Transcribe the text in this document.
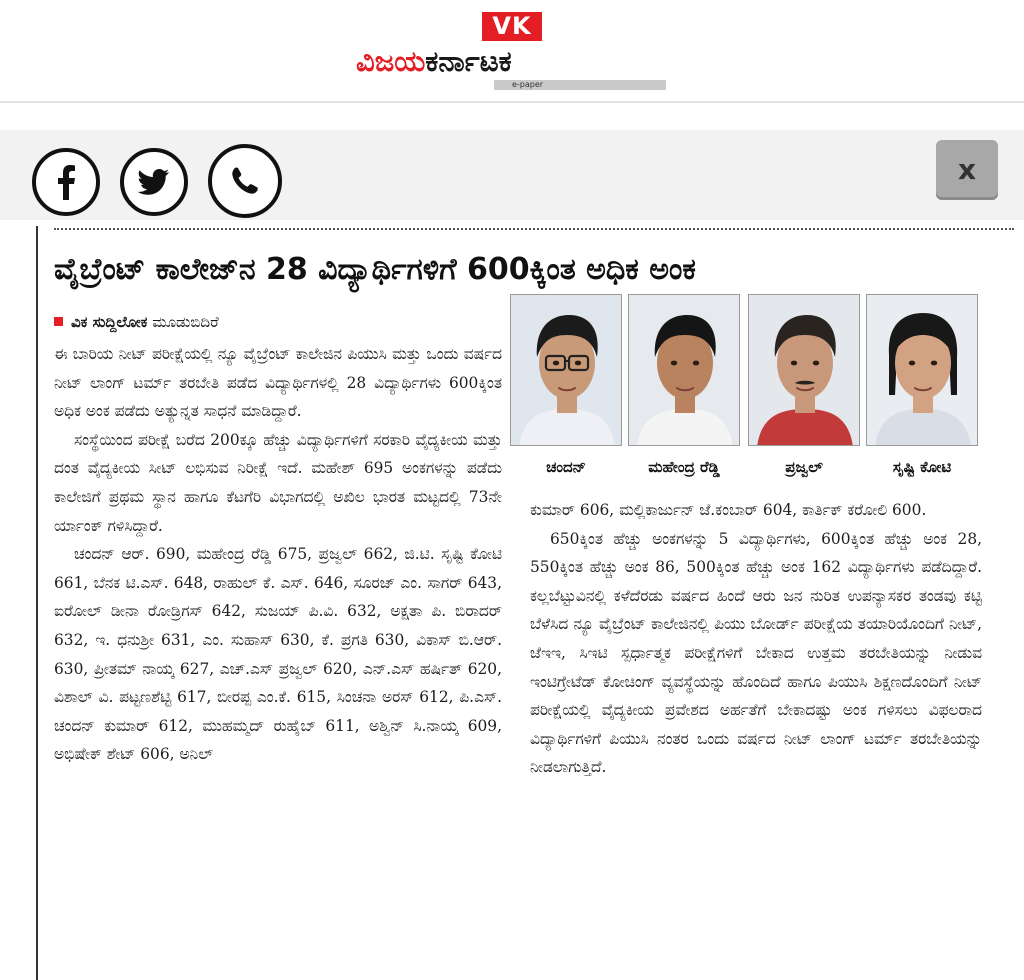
VK
ವಿಜಯಕರ್ನಾಟಕ
e-paper
x
ವೈಬ್ರೆಂಟ್ ಕಾಲೇಜ್‌ನ 28 ವಿದ್ಯಾರ್ಥಿಗಳಿಗೆ 600ಕ್ಕಿಂತ ಅಧಿಕ ಅಂಕ
ವಿಕ ಸುದ್ದಿಲೋಕ ಮೂಡುಬಿದಿರೆ

ಈ ಬಾರಿಯ ನೀಟ್ ಪರೀಕ್ಷೆಯಲ್ಲಿ ನ್ಯೂ ವೈಬ್ರೆಂಟ್ ಕಾಲೇಜಿನ ಪಿಯುಸಿ ಮತ್ತು ಒಂದು ವರ್ಷದ ನೀಟ್ ಲಾಂಗ್ ಟರ್ಮ್ ತರಬೇತಿ ಪಡೆದ ವಿದ್ಯಾರ್ಥಿಗಳಲ್ಲಿ 28 ವಿದ್ಯಾರ್ಥಿಗಳು 600ಕ್ಕಿಂತ ಅಧಿಕ ಅಂಕ ಪಡೆದು ಅತ್ಯುನ್ನತ ಸಾಧನೆ ಮಾಡಿದ್ದಾರೆ.

ಸಂಸ್ಥೆಯಿಂದ ಪರೀಕ್ಷೆ ಬರೆದ 200ಕ್ಕೂ ಹೆಚ್ಚು ವಿದ್ಯಾರ್ಥಿಗಳಿಗೆ ಸರಕಾರಿ ವೈದ್ಯಕೀಯ ಮತ್ತು ದಂತ ವೈದ್ಯಕೀಯ ಸೀಟ್ ಲಭಿಸುವ ನಿರೀಕ್ಷೆ ಇದೆ. ಮಹೇಶ್ 695 ಅಂಕಗಳನ್ನು ಪಡೆದು ಕಾಲೇಜಿಗೆ ಪ್ರಥಮ ಸ್ಥಾನ ಹಾಗೂ ಕೆಟಗೆರಿ ವಿಭಾಗದಲ್ಲಿ ಅಖಿಲ ಭಾರತ ಮಟ್ಟದಲ್ಲಿ 73ನೇ ರ್ಯಾಂಕ್ ಗಳಿಸಿದ್ದಾರೆ.

ಚಂದನ್ ಆರ್. 690, ಮಹೇಂದ್ರ ರೆಡ್ಡಿ 675, ಪ್ರಜ್ವಲ್ 662, ಜಿ.ಟಿ. ಸೃಷ್ಟಿ ಕೋಟಿ 661, ಬೆನಕ ಟಿ.ಎಸ್. 648, ರಾಹುಲ್ ಕೆ. ಎಸ್. 646, ಸೂರಜ್ ಎಂ. ಸಾಗರ್ 643, ಐರೋಲ್ ಡೀನಾ ರೋಡ್ರಿಗಸ್ 642, ಸುಜಯ್ ಪಿ.ವಿ. 632, ಅಕ್ಷತಾ ಪಿ. ಬಿರಾದರ್ 632, ಇ. ಧನುಶ್ರೀ 631, ಎಂ. ಸುಹಾಸ್ 630, ಕೆ. ಪ್ರಗತಿ 630, ವಿಕಾಸ್ ಬಿ.ಆರ್. 630, ಪ್ರೀತಮ್ ನಾಯ್ಕ 627, ಎಚ್.ಎಸ್ ಪ್ರಜ್ವಲ್ 620, ಎನ್.ಎಸ್ ಹರ್ಷಿತ್ 620, ವಿಶಾಲ್ ವಿ. ಪಟ್ಟಣಶೆಟ್ಟಿ 617, ಬೀರಪ್ಪ ಎಂ.ಕೆ. 615, ಸಿಂಚನಾ ಅರಸ್ 612, ಪಿ.ಎಸ್. ಚಂದನ್ ಕುಮಾರ್ 612, ಮುಹಮ್ಮದ್ ರುಹೈಬ್ 611, ಅಶ್ವಿನ್ ಸಿ.ನಾಯ್ಕ 609, ಅಭಿಷೇಕ್ ಶೇಟ್ 606, ಅನಿಲ್

ಚಂದನ್	ಮಹೇಂದ್ರ ರೆಡ್ಡಿ	ಪ್ರಜ್ವಲ್	ಸೃಷ್ಟಿ ಕೋಟಿ

ಕುಮಾರ್ 606, ಮಲ್ಲಿಕಾರ್ಜುನ್ ಜೆ.ಕಂಬಾರ್ 604, ಕಾರ್ತಿಕ್ ಕರೋಲಿ 600.

650ಕ್ಕಿಂತ ಹೆಚ್ಚು ಅಂಕಗಳನ್ನು 5 ವಿದ್ಯಾರ್ಥಿಗಳು, 600ಕ್ಕಿಂತ ಹೆಚ್ಚು ಅಂಕ 28, 550ಕ್ಕಿಂತ ಹೆಚ್ಚು ಅಂಕ 86, 500ಕ್ಕಿಂತ ಹೆಚ್ಚು ಅಂಕ 162 ವಿದ್ಯಾರ್ಥಿಗಳು ಪಡೆದಿದ್ದಾರೆ. ಕಲ್ಲಬೆಟ್ಟುವಿನಲ್ಲಿ ಕಳೆದೆರಡು ವರ್ಷದ ಹಿಂದೆ ಆರು ಜನ ನುರಿತ ಉಪನ್ಯಾಸಕರ ತಂಡವು ಕಟ್ಟಿ ಬೆಳೆಸಿದ ನ್ಯೂ ವೈಬ್ರೆಂಟ್ ಕಾಲೇಜಿನಲ್ಲಿ ಪಿಯು ಬೋರ್ಡ್ ಪರೀಕ್ಷೆಯ ತಯಾರಿಯೊಂದಿಗೆ ನೀಟ್, ಜೆಇಇ, ಸಿಇಟಿ ಸ್ಪರ್ಧಾತ್ಮಕ ಪರೀಕ್ಷೆಗಳಿಗೆ ಬೇಕಾದ ಉತ್ತಮ ತರಬೇತಿಯನ್ನು ನೀಡುವ ಇಂಟಿಗ್ರೇಟೆಡ್ ಕೋಚಿಂಗ್ ವ್ಯವಸ್ಥೆಯನ್ನು ಹೊಂದಿದೆ ಹಾಗೂ ಪಿಯುಸಿ ಶಿಕ್ಷಣದೊಂದಿಗೆ ನೀಟ್ ಪರೀಕ್ಷೆಯಲ್ಲಿ ವೈದ್ಯಕೀಯ ಪ್ರವೇಶದ ಅರ್ಹತೆಗೆ ಬೇಕಾದಷ್ಟು ಅಂಕ ಗಳಿಸಲು ವಿಫಲರಾದ ವಿದ್ಯಾರ್ಥಿಗಳಿಗೆ ಪಿಯುಸಿ ನಂತರ ಒಂದು ವರ್ಷದ ನೀಟ್ ಲಾಂಗ್ ಟರ್ಮ್ ತರಬೇತಿಯನ್ನು ನೀಡಲಾಗುತ್ತಿದೆ.
